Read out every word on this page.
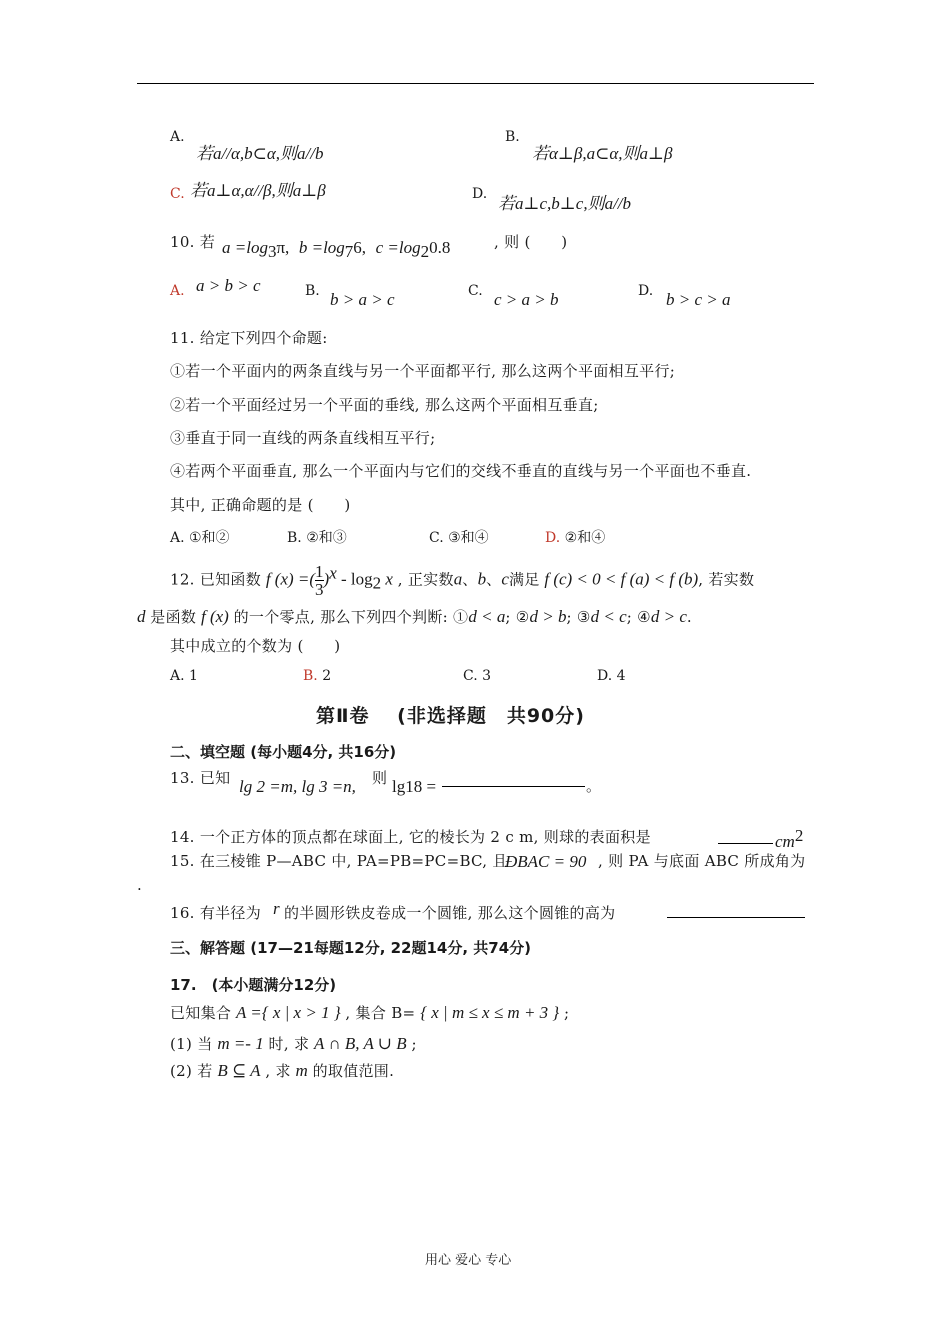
A.
若a//α,b⊂α,则a//b
B.
若α⊥β,a⊂α,则a⊥β
C. 若a⊥α,α//β,则a⊥β	D. 若a⊥c,b⊥c,则a//b
10. 若 $a =\log_3\pi$, $b =\log_76$, $c =\log_20.8$	, 则 (　　)
A. a > b > c	B. b > a > c	C. c > a > b	D. b > c > a
11. 给定下列四个命题:
①若一个平面内的两条直线与另一个平面都平行, 那么这两个平面相互平行;
②若一个平面经过另一个平面的垂线, 那么这两个平面相互垂直;
③垂直于同一直线的两条直线相互平行;
④若两个平面垂直, 那么一个平面内与它们的交线不垂直的直线与另一个平面也不垂直.
其中, 正确命题的是 (　　)
A. ①和②	B. ②和③	C. ③和④	D. ②和④
12. 已知函数 f (x) =( $\frac{1}{3} )^x - \log_2 x$ , 正实数a、b、c满足 f (c) < 0 < f (a) < f (b), 若实数
d 是函数 f (x) 的一个零点, 那么下列四个判断: ①d < a; ②d > b; ③d < c; ④d > c.
其中成立的个数为 (　　)
A. 1	B. 2	C. 3	D. 4
第Ⅱ卷　 (非选择题　共90分)
二、填空题 (每小题4分, 共16分)
13. 已知 lg 2 =m, lg 3 =n, 则 lg18 =	。
14. 一个正方体的顶点都在球面上, 它的棱长为 2 c m, 则球的表面积是	$cm^2$
15. 在三棱锥 P—ABC 中, PA=PB=PC=BC, 且
ÐBAC = 90 , 则 PA 与底面 ABC 所成角为
.
16. 有半径为 r 的半圆形铁皮卷成一个圆锥, 那么这个圆锥的高为
三、解答题 (17—21每题12分, 22题14分, 共74分)
17.　(本小题满分12分)
已知集合 A ={ x | x > 1 } , 集合 B= { x | m ≤ x ≤ m + 3 } ;
(1) 当 m =- 1 时, 求 A ∩ B, A ∪ B ;
(2) 若 B ⊆ A , 求 m 的取值范围.
用心 爱心 专心
